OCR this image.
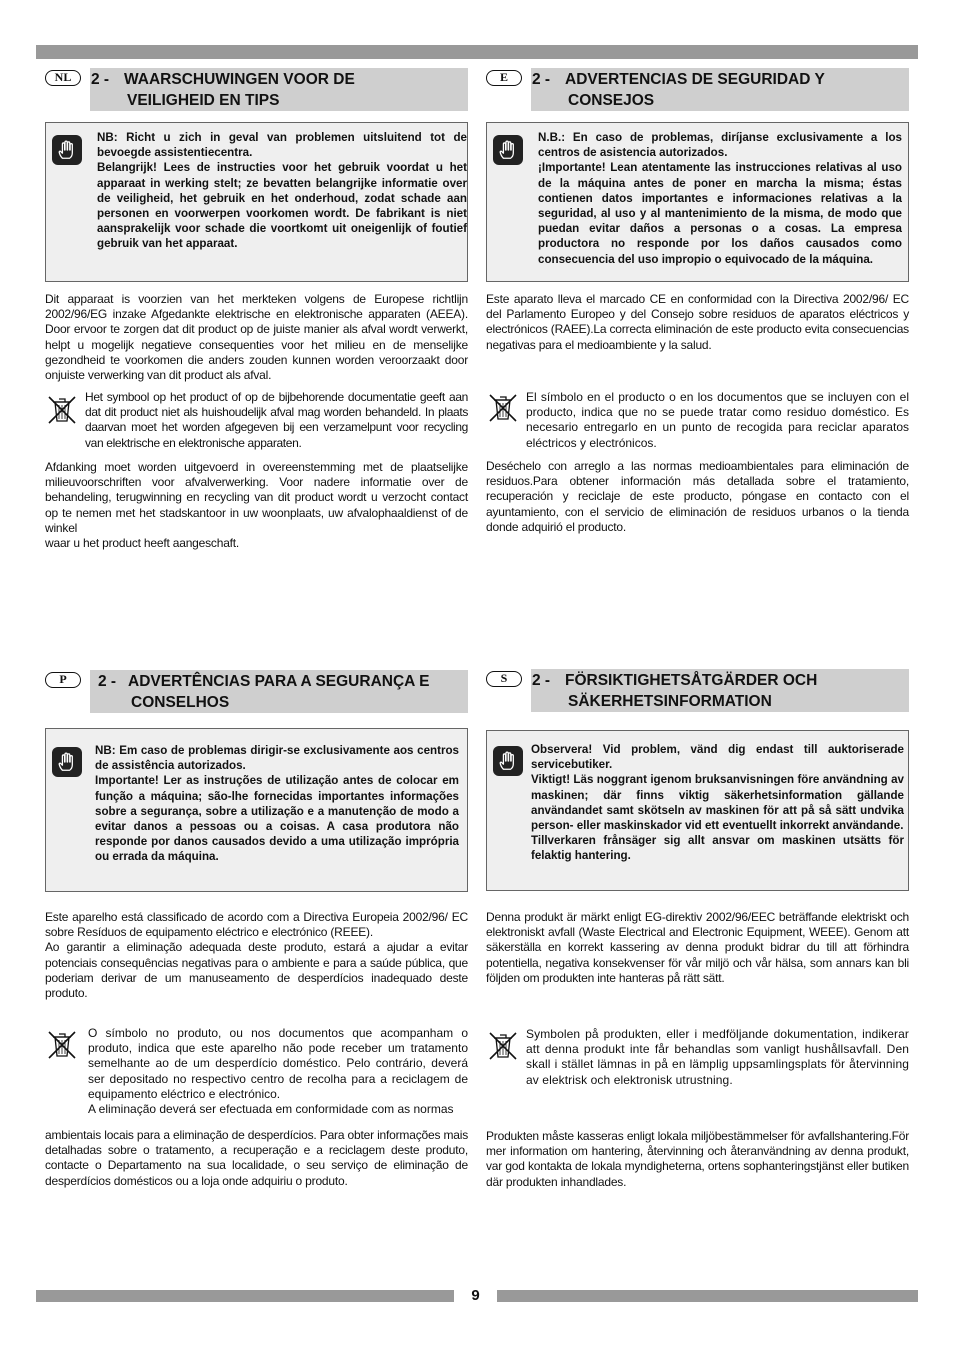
NL	2 - WAARSCHUWINGEN VOOR DE
VEILIGHEID EN TIPS
NB: Richt u zich in geval van problemen uitsluitend tot de bevoegde assistentiecentra.
Belangrijk! Lees de instructies voor het gebruik voordat u het apparaat in werking stelt; ze bevatten belangrijke informatie over de veiligheid, het gebruik en het onderhoud, zodat schade aan personen en voorwerpen voorkomen wordt. De fabrikant is niet aansprakelijk voor schade die voortkomt uit oneigenlijk of foutief gebruik van het apparaat.
Dit apparaat is voorzien van het merkteken volgens de Europese richtlijn 2002/96/EG inzake Afgedankte elektrische en elektronische apparaten (AEEA). Door ervoor te zorgen dat dit product op de juiste manier als afval wordt verwerkt, helpt u mogelijk negatieve consequenties voor het milieu en de menselijke gezondheid te voorkomen die anders zouden kunnen worden veroorzaakt door onjuiste verwerking van dit product als afval.
Het symbool op het product of op de bijbehorende documentatie geeft aan dat dit product niet als huishoudelijk afval mag worden behandeld. In plaats daarvan moet het worden afgegeven bij een verzamelpunt voor recycling van elektrische en elektronische apparaten.
Afdanking moet worden uitgevoerd in overeenstemming met de plaatselijke milieuvoorschriften voor afvalverwerking. Voor nadere informatie over de behandeling, terugwinning en recycling van dit product wordt u verzocht contact op te nemen met het stadskantoor in uw woonplaats, uw afvalophaaldienst of de winkel
waar u het product heeft aangeschaft.
E	2 - ADVERTENCIAS DE SEGURIDAD Y
CONSEJOS
N.B.: En caso de problemas, diríjanse exclusivamente a los centros de asistencia autorizados.
¡Importante! Lean atentamente las instrucciones relativas al uso de la máquina antes de poner en marcha la misma; éstas contienen datos importantes e informaciones relativas a la seguridad, al uso y al mantenimiento de la misma, de modo que puedan evitar daños a personas o a cosas. La empresa productora no responde por los daños causados como consecuencia del uso impropio o equivocado de la máquina.
Este aparato lleva el marcado CE en conformidad con la Directiva 2002/96/ EC del Parlamento Europeo y del Consejo sobre residuos de aparatos eléctricos y electrónicos (RAEE).La correcta eliminación de este producto evita consecuencias negativas para el medioambiente y la salud.
El símbolo en el producto o en los documentos que se incluyen con el producto, indica que no se puede tratar como residuo doméstico. Es necesario entregarlo en un punto de recogida para reciclar aparatos eléctricos y electrónicos.
Deséchelo con arreglo a las normas medioambientales para eliminación de residuos.Para obtener información más detallada sobre el tratamiento, recuperación y reciclaje de este producto, póngase en contacto con el ayuntamiento, con el servicio de eliminación de residuos urbanos o la tienda donde adquirió el producto.
P	2 - ADVERTÊNCIAS PARA A SEGURANÇA E
CONSELHOS
NB: Em caso de problemas dirigir-se exclusivamente aos centros de assistência autorizados.
Importante! Ler as instruções de utilização antes de colocar em função a máquina; são-lhe fornecidas importantes informações sobre a segurança, sobre a utilização e a manutenção de modo a evitar danos a pessoas ou a coisas. A casa produtora não responde por danos causados devido a uma utilização imprópria ou errada da máquina.
Este aparelho está classificado de acordo com a Directiva Europeia 2002/96/ EC sobre Resíduos de equipamento eléctrico e electrónico (REEE).
Ao garantir a eliminação adequada deste produto, estará a ajudar a evitar potenciais consequências negativas para o ambiente e para a saúde pública, que poderiam derivar de um manuseamento de desperdícios inadequado deste produto.
O símbolo no produto, ou nos documentos que acompanham o produto, indica que este aparelho não pode receber um tratamento semelhante ao de um desperdício doméstico. Pelo contrário, deverá ser depositado no respectivo centro de recolha para a reciclagem de equipamento eléctrico e electrónico.
A eliminação deverá ser efectuada em conformidade com as normas
ambientais locais para a eliminação de desperdícios. Para obter informações mais detalhadas sobre o tratamento, a recuperação e a reciclagem deste produto, contacte o Departamento na sua localidade, o seu serviço de eliminação de desperdícios domésticos ou a loja onde adquiriu o produto.
S	2 - FÖRSIKTIGHETSÅTGÄRDER OCH
SÄKERHETSINFORMATION
Observera! Vid problem, vänd dig endast till auktoriserade servicebutiker.
Viktigt! Läs noggrant igenom bruksanvisningen före användning av maskinen; där finns viktig säkerhetsinformation gällande användandet samt skötseln av maskinen för att på så sätt undvika person- eller maskinskador vid ett eventuellt inkorrekt användande.
Tillverkaren frånsäger sig allt ansvar om maskinen utsätts för felaktig hantering.
Denna produkt är märkt enligt EG-direktiv 2002/96/EEC beträffande elektriskt och elektroniskt avfall (Waste Electrical and Electronic Equipment, WEEE). Genom att säkerställa en korrekt kassering av denna produkt bidrar du till att förhindra potentiella, negativa konsekvenser för vår miljö och vår hälsa, som annars kan bli följden om produkten inte hanteras på rätt sätt.
Symbolen på produkten, eller i medföljande dokumentation, indikerar att denna produkt inte får behandlas som vanligt hushållsavfall. Den skall i stället lämnas in på en lämplig uppsamlingsplats för återvinning av elektrisk och elektronisk utrustning.
Produkten måste kasseras enligt lokala miljöbestämmelser för avfallshantering.För mer information om hantering, återvinning och återanvändning av denna produkt, var god kontakta de lokala myndigheterna, ortens sophanteringstjänst eller butiken där produkten inhandlades.
9
